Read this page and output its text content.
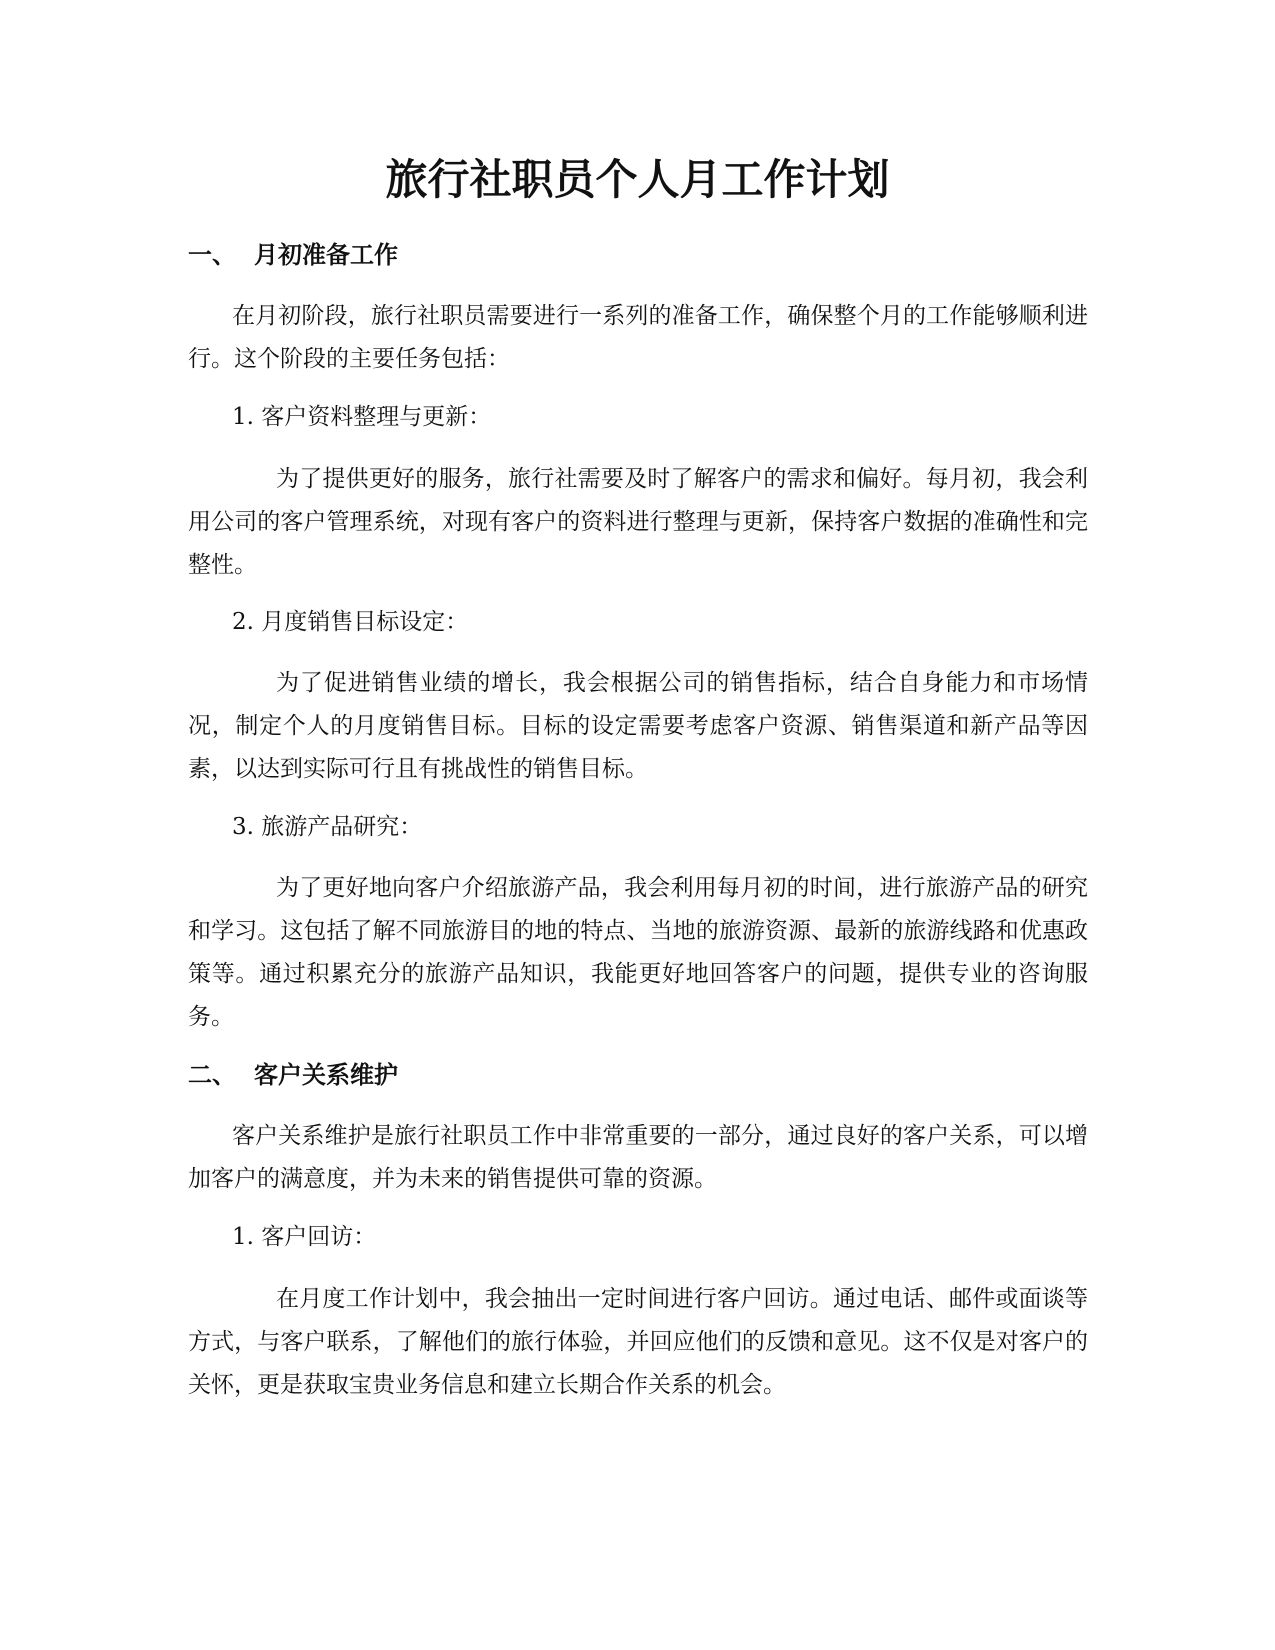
旅行社职员个人月工作计划
一、 月初准备工作

在月初阶段，旅行社职员需要进行一系列的准备工作，确保整个月的工作能够顺利进行。这个阶段的主要任务包括：

1. 客户资料整理与更新：

为了提供更好的服务，旅行社需要及时了解客户的需求和偏好。每月初，我会利用公司的客户管理系统，对现有客户的资料进行整理与更新，保持客户数据的准确性和完整性。

2. 月度销售目标设定：

为了促进销售业绩的增长，我会根据公司的销售指标，结合自身能力和市场情况，制定个人的月度销售目标。目标的设定需要考虑客户资源、销售渠道和新产品等因素，以达到实际可行且有挑战性的销售目标。

3. 旅游产品研究：

为了更好地向客户介绍旅游产品，我会利用每月初的时间，进行旅游产品的研究和学习。这包括了解不同旅游目的地的特点、当地的旅游资源、最新的旅游线路和优惠政策等。通过积累充分的旅游产品知识，我能更好地回答客户的问题，提供专业的咨询服务。

二、 客户关系维护

客户关系维护是旅行社职员工作中非常重要的一部分，通过良好的客户关系，可以增加客户的满意度，并为未来的销售提供可靠的资源。

1. 客户回访：

在月度工作计划中，我会抽出一定时间进行客户回访。通过电话、邮件或面谈等方式，与客户联系，了解他们的旅行体验，并回应他们的反馈和意见。这不仅是对客户的关怀，更是获取宝贵业务信息和建立长期合作关系的机会。
